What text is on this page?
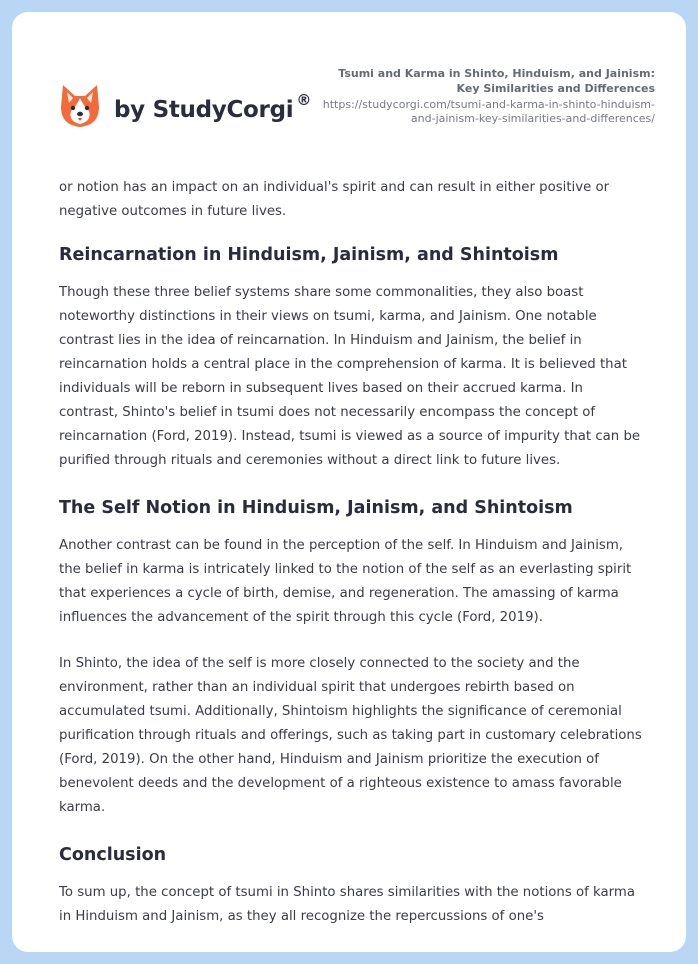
by StudyCorgi ®
Tsumi and Karma in Shinto, Hinduism, and Jainism: Key Similarities and Differences
https://studycorgi.com/tsumi-and-karma-in-shinto-hinduism-and-jainism-key-similarities-and-differences/

or notion has an impact on an individual's spirit and can result in either positive or negative outcomes in future lives.

Reincarnation in Hinduism, Jainism, and Shintoism

Though these three belief systems share some commonalities, they also boast noteworthy distinctions in their views on tsumi, karma, and Jainism. One notable contrast lies in the idea of reincarnation. In Hinduism and Jainism, the belief in reincarnation holds a central place in the comprehension of karma. It is believed that individuals will be reborn in subsequent lives based on their accrued karma. In contrast, Shinto's belief in tsumi does not necessarily encompass the concept of reincarnation (Ford, 2019). Instead, tsumi is viewed as a source of impurity that can be purified through rituals and ceremonies without a direct link to future lives.

The Self Notion in Hinduism, Jainism, and Shintoism

Another contrast can be found in the perception of the self. In Hinduism and Jainism, the belief in karma is intricately linked to the notion of the self as an everlasting spirit that experiences a cycle of birth, demise, and regeneration. The amassing of karma influences the advancement of the spirit through this cycle (Ford, 2019).

In Shinto, the idea of the self is more closely connected to the society and the environment, rather than an individual spirit that undergoes rebirth based on accumulated tsumi. Additionally, Shintoism highlights the significance of ceremonial purification through rituals and offerings, such as taking part in customary celebrations (Ford, 2019). On the other hand, Hinduism and Jainism prioritize the execution of benevolent deeds and the development of a righteous existence to amass favorable karma.

Conclusion

To sum up, the concept of tsumi in Shinto shares similarities with the notions of karma in Hinduism and Jainism, as they all recognize the repercussions of one's
